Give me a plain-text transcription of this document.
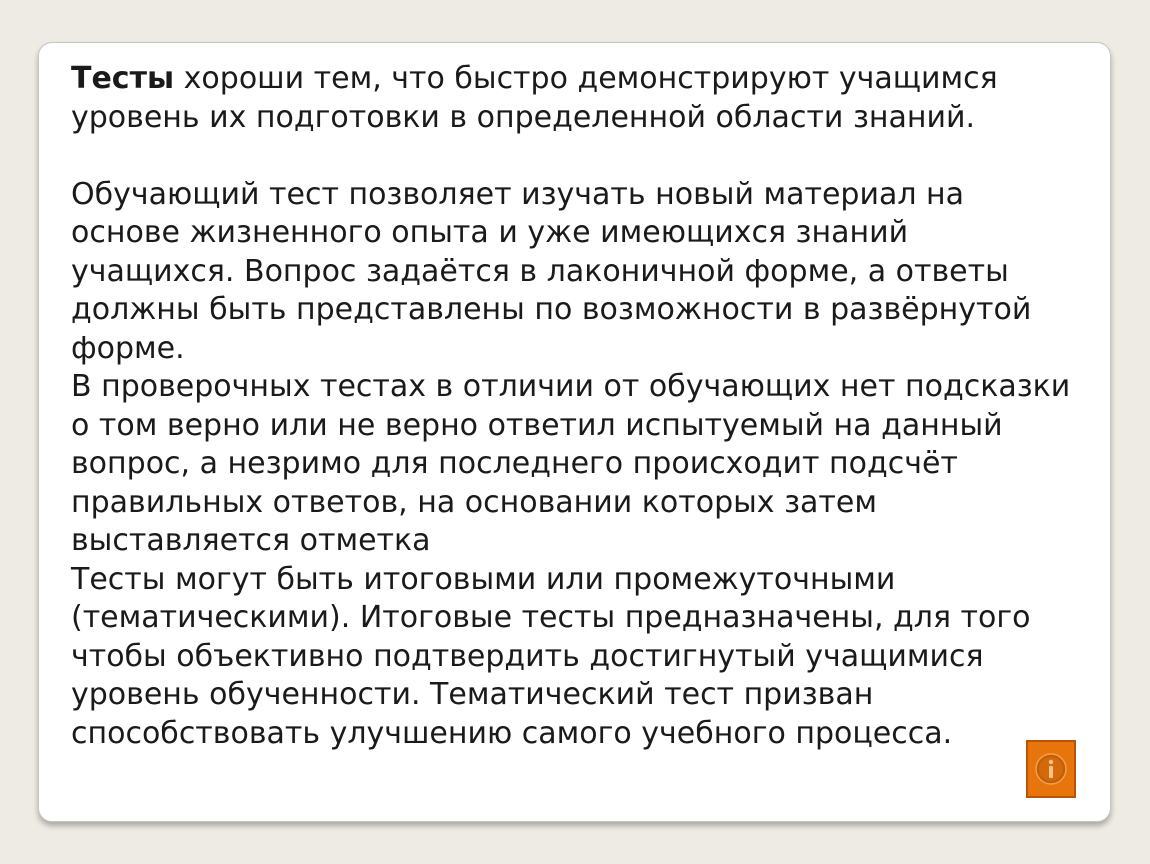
Тесты хороши тем, что быстро демонстрируют учащимся уровень их подготовки в определенной области знаний.

Обучающий тест позволяет изучать новый материал на основе жизненного опыта и уже имеющихся знаний учащихся. Вопрос задаётся в лаконичной форме, а ответы должны быть представлены по возможности в развёрнутой форме.

В проверочных тестах в отличии от обучающих нет подсказки о том верно или не верно ответил испытуемый на данный вопрос, а незримо для последнего происходит подсчёт правильных ответов, на основании которых затем выставляется отметка

Тесты могут быть итоговыми или промежуточными (тематическими). Итоговые тесты предназначены, для того чтобы объективно подтвердить достигнутый учащимися уровень обученности. Тематический тест призван способствовать улучшению самого учебного процесса.
